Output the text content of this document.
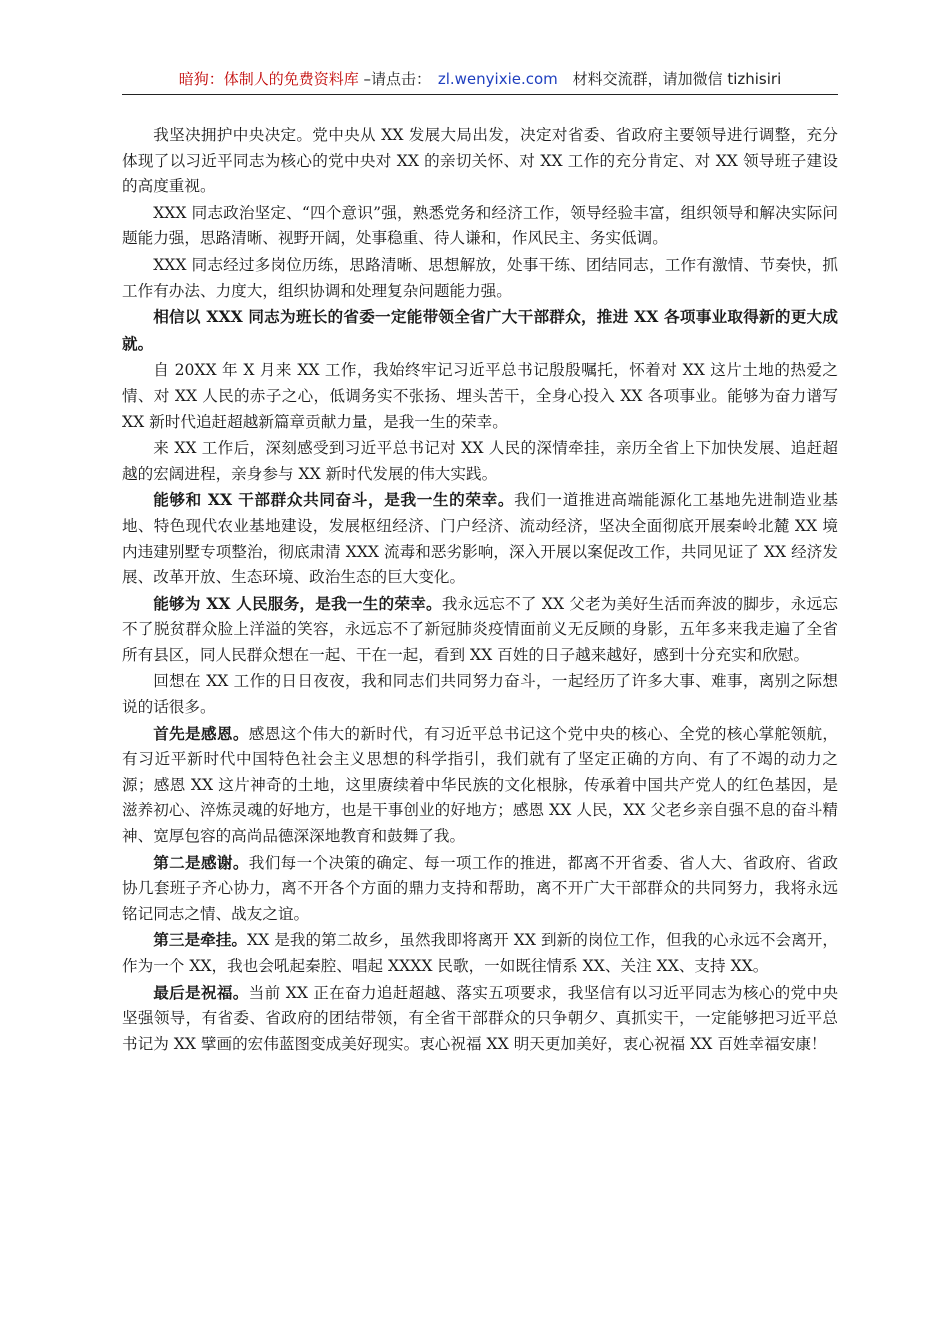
暗狗：体制人的免费资料库 –请点击： zl.wenyixie.com 材料交流群，请加微信 tizhisiri

我坚决拥护中央决定。党中央从 XX 发展大局出发，决定对省委、省政府主要领导进行调整，充分体现了以习近平同志为核心的党中央对 XX 的亲切关怀、对 XX 工作的充分肯定、对 XX 领导班子建设的高度重视。

XXX 同志政治坚定、“四个意识”强，熟悉党务和经济工作，领导经验丰富，组织领导和解决实际问题能力强，思路清晰、视野开阔，处事稳重、待人谦和，作风民主、务实低调。

XXX 同志经过多岗位历练，思路清晰、思想解放，处事干练、团结同志，工作有激情、节奏快，抓工作有办法、力度大，组织协调和处理复杂问题能力强。

相信以 XXX 同志为班长的省委一定能带领全省广大干部群众，推进 XX 各项事业取得新的更大成就。

自 20XX 年 X 月来 XX 工作，我始终牢记习近平总书记殷殷嘱托，怀着对 XX 这片土地的热爱之情、对 XX 人民的赤子之心，低调务实不张扬、埋头苦干，全身心投入 XX 各项事业。能够为奋力谱写 XX 新时代追赶超越新篇章贡献力量，是我一生的荣幸。

来 XX 工作后，深刻感受到习近平总书记对 XX 人民的深情牵挂，亲历全省上下加快发展、追赶超越的宏阔进程，亲身参与 XX 新时代发展的伟大实践。

能够和 XX 干部群众共同奋斗，是我一生的荣幸。我们一道推进高端能源化工基地先进制造业基地、特色现代农业基地建设，发展枢纽经济、门户经济、流动经济，坚决全面彻底开展秦岭北麓 XX 境内违建别墅专项整治，彻底肃清 XXX 流毒和恶劣影响，深入开展以案促改工作，共同见证了 XX 经济发展、改革开放、生态环境、政治生态的巨大变化。

能够为 XX 人民服务，是我一生的荣幸。我永远忘不了 XX 父老为美好生活而奔波的脚步，永远忘不了脱贫群众脸上洋溢的笑容，永远忘不了新冠肺炎疫情面前义无反顾的身影，五年多来我走遍了全省所有县区，同人民群众想在一起、干在一起，看到 XX 百姓的日子越来越好，感到十分充实和欣慰。

回想在 XX 工作的日日夜夜，我和同志们共同努力奋斗，一起经历了许多大事、难事，离别之际想说的话很多。

首先是感恩。感恩这个伟大的新时代，有习近平总书记这个党中央的核心、全党的核心掌舵领航，有习近平新时代中国特色社会主义思想的科学指引，我们就有了坚定正确的方向、有了不竭的动力之源；感恩 XX 这片神奇的土地，这里赓续着中华民族的文化根脉，传承着中国共产党人的红色基因，是滋养初心、淬炼灵魂的好地方，也是干事创业的好地方；感恩 XX 人民，XX 父老乡亲自强不息的奋斗精神、宽厚包容的高尚品德深深地教育和鼓舞了我。

第二是感谢。我们每一个决策的确定、每一项工作的推进，都离不开省委、省人大、省政府、省政协几套班子齐心协力，离不开各个方面的鼎力支持和帮助，离不开广大干部群众的共同努力，我将永远铭记同志之情、战友之谊。

第三是牵挂。XX 是我的第二故乡，虽然我即将离开 XX 到新的岗位工作，但我的心永远不会离开，作为一个 XX，我也会吼起秦腔、唱起 XXXX 民歌，一如既往情系 XX、关注 XX、支持 XX。

最后是祝福。当前 XX 正在奋力追赶超越、落实五项要求，我坚信有以习近平同志为核心的党中央坚强领导，有省委、省政府的团结带领，有全省干部群众的只争朝夕、真抓实干，一定能够把习近平总书记为 XX 擘画的宏伟蓝图变成美好现实。衷心祝福 XX 明天更加美好，衷心祝福 XX 百姓幸福安康！
